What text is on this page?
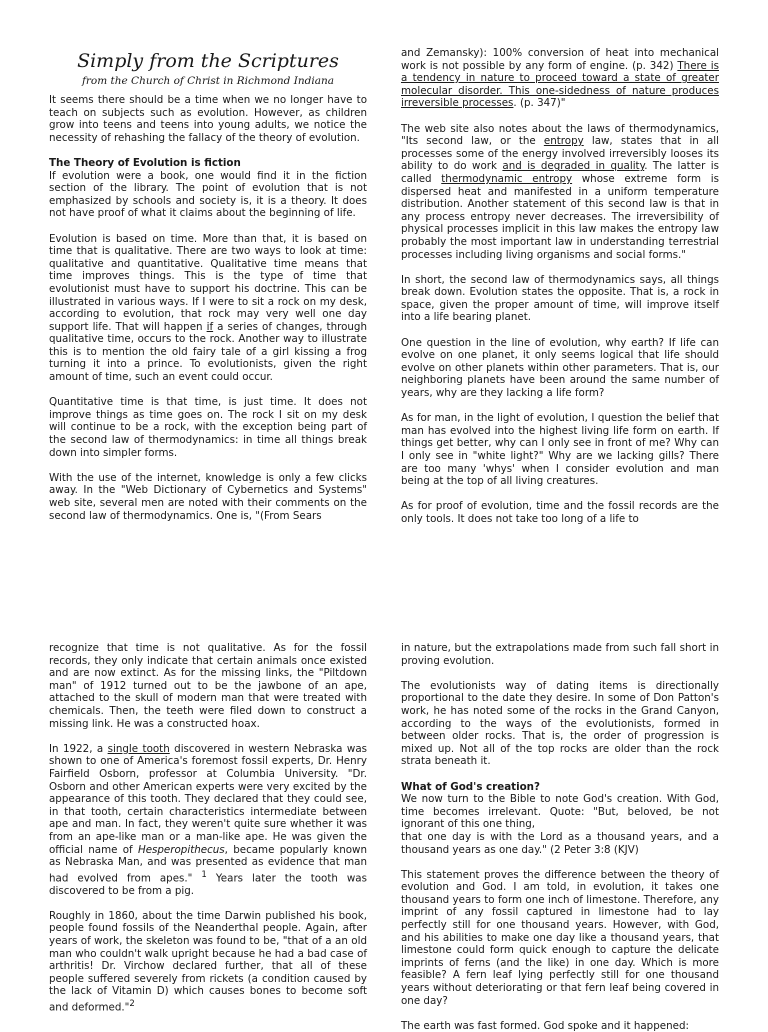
Simply from the Scriptures
from the Church of Christ in Richmond Indiana

It seems there should be a time when we no longer have to teach on subjects such as evolution. However, as children grow into teens and teens into young adults, we notice the necessity of rehashing the fallacy of the theory of evolution.

The Theory of Evolution is fiction

If evolution were a book, one would find it in the fiction section of the library. The point of evolution that is not emphasized by schools and society is, it is a theory. It does not have proof of what it claims about the beginning of life.

Evolution is based on time. More than that, it is based on time that is qualitative. There are two ways to look at time: qualitative and quantitative. Qualitative time means that time improves things. This is the type of time that evolutionist must have to support his doctrine. This can be illustrated in various ways. If I were to sit a rock on my desk, according to evolution, that rock may very well one day support life. That will happen if a series of changes, through qualitative time, occurs to the rock. Another way to illustrate this is to mention the old fairy tale of a girl kissing a frog turning it into a prince. To evolutionists, given the right amount of time, such an event could occur.

Quantitative time is that time, is just time. It does not improve things as time goes on. The rock I sit on my desk will continue to be a rock, with the exception being part of the second law of thermodynamics: in time all things break down into simpler forms.

With the use of the internet, knowledge is only a few clicks away. In the "Web Dictionary of Cybernetics and Systems" web site, several men are noted with their comments on the second law of thermodynamics. One is, "(From Sears

and Zemansky): 100% conversion of heat into mechanical work is not possible by any form of engine. (p. 342) There is a tendency in nature to proceed toward a state of greater molecular disorder. This one-sidedness of nature produces irreversible processes. (p. 347)"

The web site also notes about the laws of thermodynamics, "Its second law, or the entropy law, states that in all processes some of the energy involved irreversibly looses its ability to do work and is degraded in quality. The latter is called thermodynamic entropy whose extreme form is dispersed heat and manifested in a uniform temperature distribution. Another statement of this second law is that in any process entropy never decreases. The irreversibility of physical processes implicit in this law makes the entropy law probably the most important law in understanding terrestrial processes including living organisms and social forms."

In short, the second law of thermodynamics says, all things break down. Evolution states the opposite. That is, a rock in space, given the proper amount of time, will improve itself into a life bearing planet.

One question in the line of evolution, why earth? If life can evolve on one planet, it only seems logical that life should evolve on other planets within other parameters. That is, our neighboring planets have been around the same number of years, why are they lacking a life form?

As for man, in the light of evolution, I question the belief that man has evolved into the highest living life form on earth. If things get better, why can I only see in front of me? Why can I only see in "white light?" Why are we lacking gills? There are too many 'whys' when I consider evolution and man being at the top of all living creatures.

As for proof of evolution, time and the fossil records are the only tools. It does not take too long of a life to

recognize that time is not qualitative. As for the fossil records, they only indicate that certain animals once existed and are now extinct. As for the missing links, the "Piltdown man" of 1912 turned out to be the jawbone of an ape, attached to the skull of modern man that were treated with chemicals. Then, the teeth were filed down to construct a missing link. He was a constructed hoax.

In 1922, a single tooth discovered in western Nebraska was shown to one of America's foremost fossil experts, Dr. Henry Fairfield Osborn, professor at Columbia University. "Dr. Osborn and other American experts were very excited by the appearance of this tooth. They declared that they could see, in that tooth, certain characteristics intermediate between ape and man. In fact, they weren't quite sure whether it was from an ape-like man or a man-like ape. He was given the official name of Hesperopithecus, became popularly known as Nebraska Man, and was presented as evidence that man had evolved from apes." $^1$ Years later the tooth was discovered to be from a pig.

Roughly in 1860, about the time Darwin published his book, people found fossils of the Neanderthal people. Again, after years of work, the skeleton was found to be, "that of a an old man who couldn't walk upright because he had a bad case of arthritis! Dr. Virchow declared further, that all of these people suffered severely from rickets (a condition caused by the lack of Vitamin D) which causes bones to become soft and deformed."$^2$

in nature, but the extrapolations made from such fall short in proving evolution.

The evolutionists way of dating items is directionally proportional to the date they desire. In some of Don Patton's work, he has noted some of the rocks in the Grand Canyon, according to the ways of the evolutionists, formed in between older rocks. That is, the order of progression is mixed up. Not all of the top rocks are older than the rock strata beneath it.

What of God's creation?

We now turn to the Bible to note God's creation. With God, time becomes irrelevant. Quote: "But, beloved, be not ignorant of this one thing,

that one day is with the Lord as a thousand years, and a thousand years as one day." (2 Peter 3:8 (KJV)

This statement proves the difference between the theory of evolution and God. I am told, in evolution, it takes one thousand years to form one inch of limestone. Therefore, any imprint of any fossil captured in limestone had to lay perfectly still for one thousand years. However, with God, and his abilities to make one day like a thousand years, that limestone could form quick enough to capture the delicate imprints of ferns (and the like) in one day. Which is more feasible? A fern leaf lying perfectly still for one thousand years without deteriorating or that fern leaf being covered in one day?

The earth was fast formed. God spoke and it happened:
